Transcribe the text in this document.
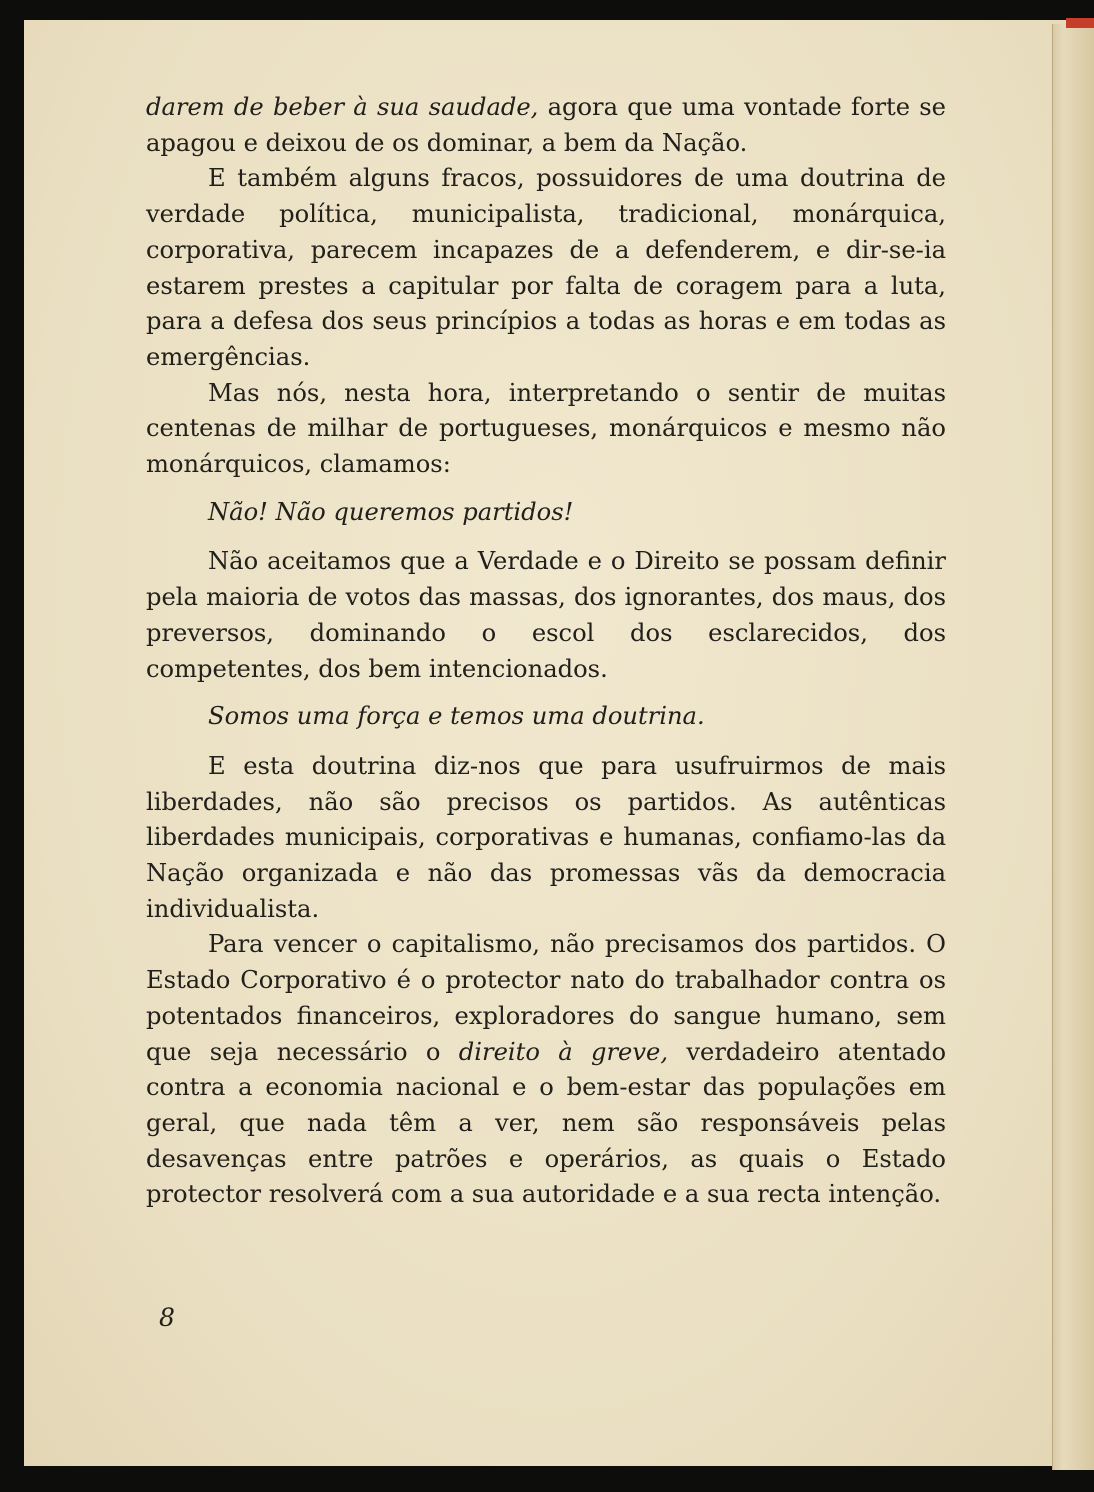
darem de beber à sua saudade, agora que uma vontade forte se apagou e deixou de os dominar, a bem da Nação.

E também alguns fracos, possuidores de uma doutrina de verdade política, municipalista, tradicional, monárquica, corporativa, parecem incapazes de a defenderem, e dir-se-ia estarem prestes a capitular por falta de coragem para a luta, para a defesa dos seus princípios a todas as horas e em todas as emergências.

Mas nós, nesta hora, interpretando o sentir de muitas centenas de milhar de portugueses, monárquicos e mesmo não monárquicos, clamamos:

Não! Não queremos partidos!

Não aceitamos que a Verdade e o Direito se possam definir pela maioria de votos das massas, dos ignorantes, dos maus, dos preversos, dominando o escol dos esclarecidos, dos competentes, dos bem intencionados.

Somos uma força e temos uma doutrina.

E esta doutrina diz-nos que para usufruirmos de mais liberdades, não são precisos os partidos. As autênticas liberdades municipais, corporativas e humanas, confiamo-las da Nação organizada e não das promessas vãs da democracia individualista.

Para vencer o capitalismo, não precisamos dos partidos. O Estado Corporativo é o protector nato do trabalhador contra os potentados financeiros, exploradores do sangue humano, sem que seja necessário o direito à greve, verdadeiro atentado contra a economia nacional e o bem-estar das populações em geral, que nada têm a ver, nem são responsáveis pelas desavenças entre patrões e operários, as quais o Estado protector resolverá com a sua autoridade e a sua recta intenção.

8
